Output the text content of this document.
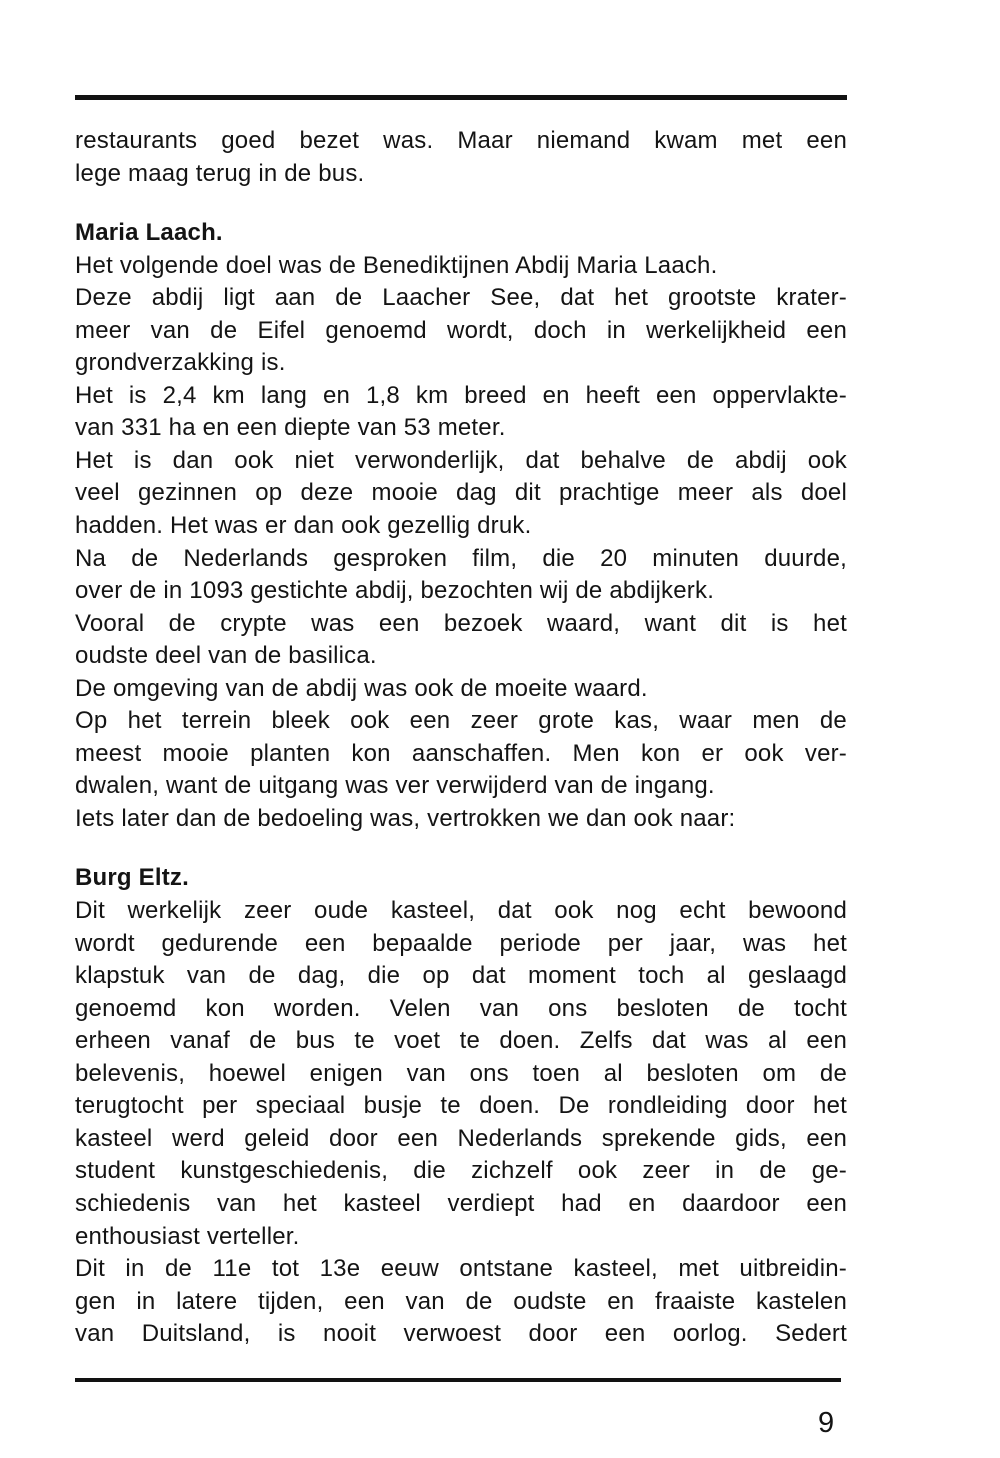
restaurants goed bezet was. Maar niemand kwam met een
lege maag terug in de bus.
Maria Laach.
Het volgende doel was de Benediktijnen Abdij Maria Laach.
Deze abdij ligt aan de Laacher See, dat het grootste krater-
meer van de Eifel genoemd wordt, doch in werkelijkheid een
grondverzakking is.
Het is 2,4 km lang en 1,8 km breed en heeft een oppervlakte-
van 331 ha en een diepte van 53 meter.
Het is dan ook niet verwonderlijk, dat behalve de abdij ook
veel gezinnen op deze mooie dag dit prachtige meer als doel
hadden. Het was er dan ook gezellig druk.
Na de Nederlands gesproken film, die 20 minuten duurde,
over de in 1093 gestichte abdij, bezochten wij de abdijkerk.
Vooral de crypte was een bezoek waard, want dit is het
oudste deel van de basilica.
De omgeving van de abdij was ook de moeite waard.
Op het terrein bleek ook een zeer grote kas, waar men de
meest mooie planten kon aanschaffen. Men kon er ook ver-
dwalen, want de uitgang was ver verwijderd van de ingang.
Iets later dan de bedoeling was, vertrokken we dan ook naar:
Burg Eltz.
Dit werkelijk zeer oude kasteel, dat ook nog echt bewoond
wordt gedurende een bepaalde periode per jaar, was het
klapstuk van de dag, die op dat moment toch al geslaagd
genoemd kon worden. Velen van ons besloten de tocht
erheen vanaf de bus te voet te doen. Zelfs dat was al een
belevenis, hoewel enigen van ons toen al besloten om de
terugtocht per speciaal busje te doen. De rondleiding door het
kasteel werd geleid door een Nederlands sprekende gids, een
student kunstgeschiedenis, die zichzelf ook zeer in de ge-
schiedenis van het kasteel verdiept had en daardoor een
enthousiast verteller.
Dit in de 11e tot 13e eeuw ontstane kasteel, met uitbreidin-
gen in latere tijden, een van de oudste en fraaiste kastelen
van Duitsland, is nooit verwoest door een oorlog. Sedert
9
